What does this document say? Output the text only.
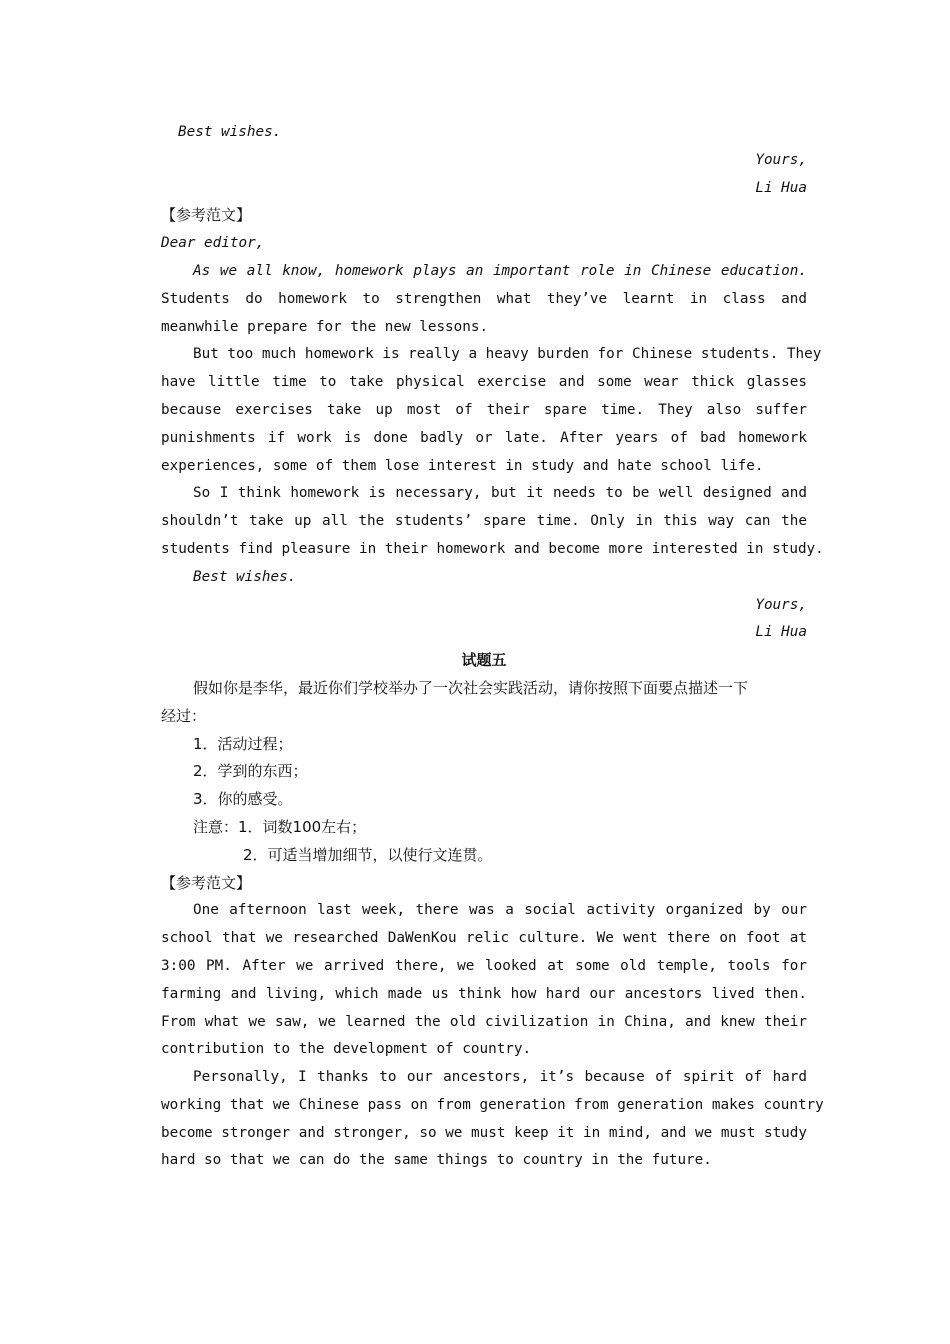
Best wishes.
Yours,
Li Hua
【参考范文】
Dear editor,
As we all know, homework plays an important role in Chinese education.
Students do homework to strengthen what they’ve learnt in class and
meanwhile prepare for the new lessons.
But too much homework is really a heavy burden for Chinese students. They
have little time to take physical exercise and some wear thick glasses
because exercises take up most of their spare time. They also suffer
punishments if work is done badly or late. After years of bad homework
experiences, some of them lose interest in study and hate school life.
So I think homework is necessary, but it needs to be well designed and
shouldn’t take up all the students’ spare time. Only in this way can the
students find pleasure in their homework and become more interested in study.
Best wishes.
Yours,
Li Hua
试题五
假如你是李华，最近你们学校举办了一次社会实践活动，请你按照下面要点描述一下
经过：
1．活动过程；
2．学到的东西；
3．你的感受。
注意：1．词数100左右；
2．可适当增加细节，以使行文连贯。
【参考范文】
One afternoon last week, there was a social activity organized by our
school that we researched DaWenKou relic culture. We went there on foot at
3:00 PM. After we arrived there, we looked at some old temple, tools for
farming and living, which made us think how hard our ancestors lived then.
From what we saw, we learned the old civilization in China, and knew their
contribution to the development of country.
Personally, I thanks to our ancestors, it’s because of spirit of hard
working that we Chinese pass on from generation from generation makes country
become stronger and stronger, so we must keep it in mind, and we must study
hard so that we can do the same things to country in the future.
